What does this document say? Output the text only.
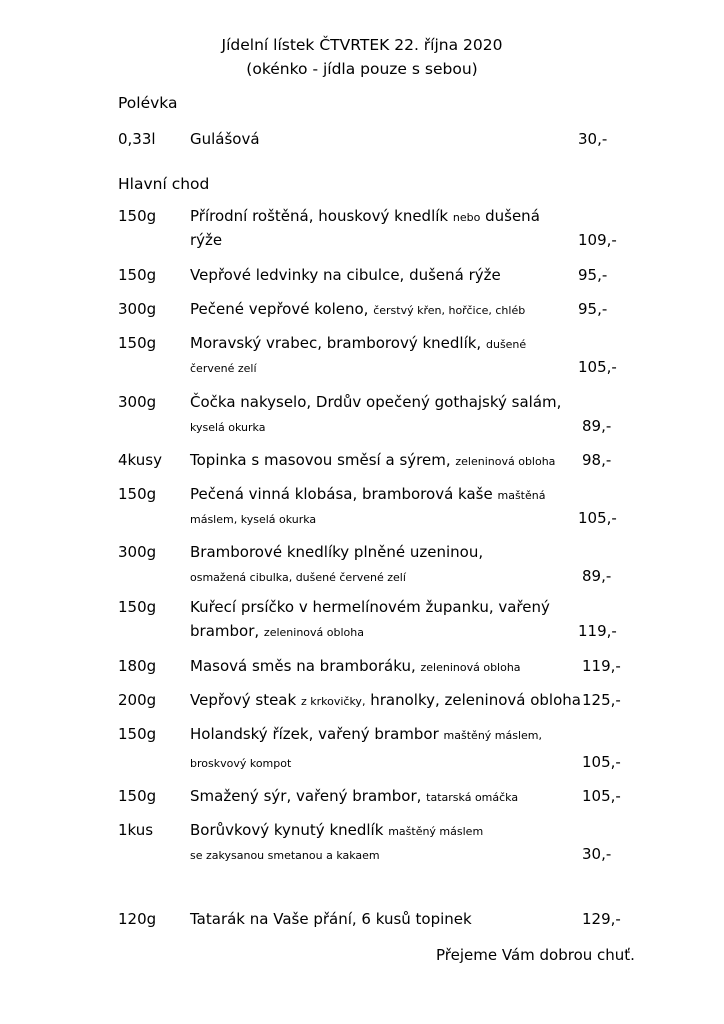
Jídelní lístek ČTVRTEK 22. října 2020
(okénko - jídla pouze s sebou)
Polévka
0,33l Gulášová	30,-
Hlavní chod
150g Přírodní roštěná, houskový knedlík nebo dušená
rýže	109,-
150g Vepřové ledvinky na cibulce, dušená rýže	95,-
300g Pečené vepřové koleno, čerstvý křen, hořčice, chléb	95,-
150g Moravský vrabec, bramborový knedlík, dušené
červené zelí	105,-
300g Čočka nakyselo, Drdův opečený gothajský salám,
kyselá okurka	89,-
4kusy Topinka s masovou směsí a sýrem, zeleninová obloha 98,-
150g Pečená vinná klobása, bramborová kaše maštěná
máslem, kyselá okurka	105,-
300g Bramborové knedlíky plněné uzeninou,
osmažená cibulka, dušené červené zelí	89,-
150g Kuřecí prsíčko v hermelínovém županku, vařený
brambor, zeleninová obloha	119,-
180g Masová směs na bramboráku, zeleninová obloha	119,-
200g Vepřový steak z krkovičky, hranolky, zeleninová obloha 125,-
150g Holandský řízek, vařený brambor maštěný máslem,
broskvový kompot	105,-
150g Smažený sýr, vařený brambor, tatarská omáčka	105,-
1kus Borůvkový kynutý knedlík maštěný máslem
se zakysanou smetanou a kakaem	30,-
120g Tatarák na Vaše přání, 6 kusů topinek	129,-
Přejeme Vám dobrou chuť.
